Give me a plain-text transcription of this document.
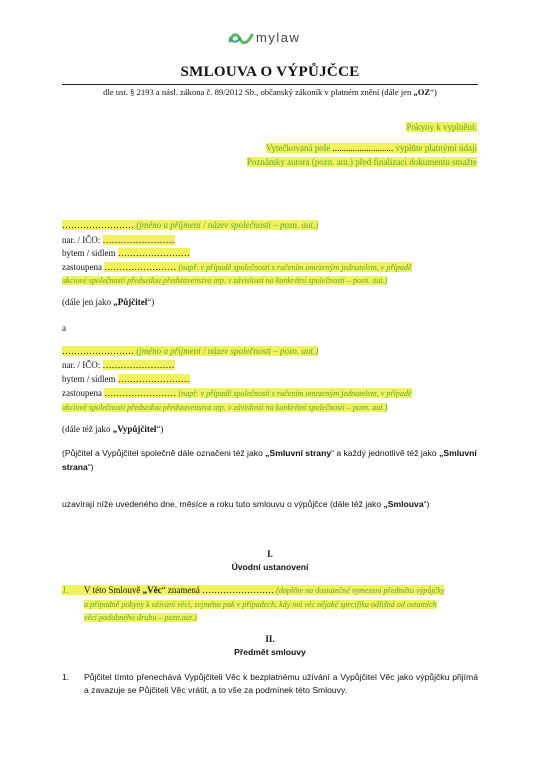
mylaw
SMLOUVA O VÝPŮJČCE
dle ust. § 2193 a násl. zákona č. 89/2012 Sb., občanský zákoník v platném znění (dále jen „OZ“)
Pokyny k vyplnění:
Vytečkovaná pole ........................... vyplňte platnými údaji
Poznámky autora (pozn. aut.) před finalizací dokumentu smažte
…………………… (jméno a příjmení / název společnosti – pozn. aut.)
nar. / IČO: ……………………
bytem / sídlem ……………………
zastoupena …………………… (např. v případě společnosti s ručením omezeným jednatelem, v případě
akciové společnosti předsedou představenstva atp. v závislosti na konkrétní společnosti – pozn. aut.)
(dále jen jako „Půjčitel“)
a
…………………… (jméno a příjmení / název společnosti – pozn. aut.)
nar. / IČO: ……………………
bytem / sídlem ……………………
zastoupena …………………… (např. v případě společnosti s ručením omezeným jednatelem, v případě
akciové společnosti předsedou představenstva atp. v závislosti na konkrétní společnosti – pozn. aut.)
(dále též jako „Vypůjčitel“)
(Půjčitel a Vypůjčitel společně dále označeni též jako „Smluvní strany“ a každý jednotlivě též jako „Smluvní strana“)
uzavírají níže uvedeného dne, měsíce a roku tuto smlouvu o výpůjčce (dále též jako „Smlouva“)
I.
Úvodní ustanovení
1. V této Smlouvě „Věc“ znamená …………………… (doplňte na dostatečné vymezení předmětu výpůjčky
a případně pokyny k užívání věci, zejména pak v případech, kdy má věc nějaké specifika odlišná od ostatních
věcí podobného druhu – pozn.aut.)
II.
Předmět smlouvy
1.	Půjčitel tímto přenechává Vypůjčiteli Věc k bezplatnému užívání a Vypůjčitel Věc jako výpůjčku přijímá a zavazuje se Půjčiteli Věc vrátit, a to vše za podmínek této Smlouvy.
